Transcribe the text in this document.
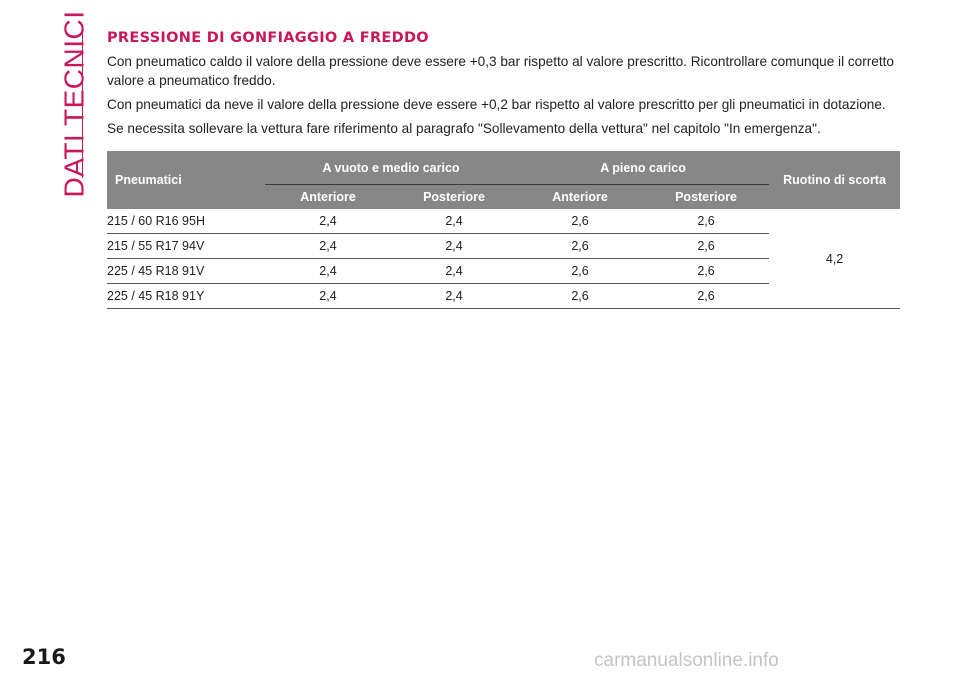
DATI TECNICI PRESSIONE DI GONFIAGGIO A FREDDO

Con pneumatico caldo il valore della pressione deve essere +0,3 bar rispetto al valore prescritto. Ricontrollare comunque il corretto valore a pneumatico freddo.

Con pneumatici da neve il valore della pressione deve essere +0,2 bar rispetto al valore prescritto per gli pneumatici in dotazione.

Se necessita sollevare la vettura fare riferimento al paragrafo "Sollevamento della vettura" nel capitolo "In emergenza".

Pneumatici	A vuoto e medio carico		A pieno carico		Ruotino di scorta
	Anteriore	Posteriore	Anteriore	Posteriore	
215 / 60 R16 95H	2,4	2,4	2,6	2,6	4,2
215 / 55 R17 94V	2,4	2,4	2,6	2,6	
225 / 45 R18 91V	2,4	2,4	2,6	2,6	
225 / 45 R18 91Y	2,4	2,4	2,6	2,6	
216	carmanualsonline.info
